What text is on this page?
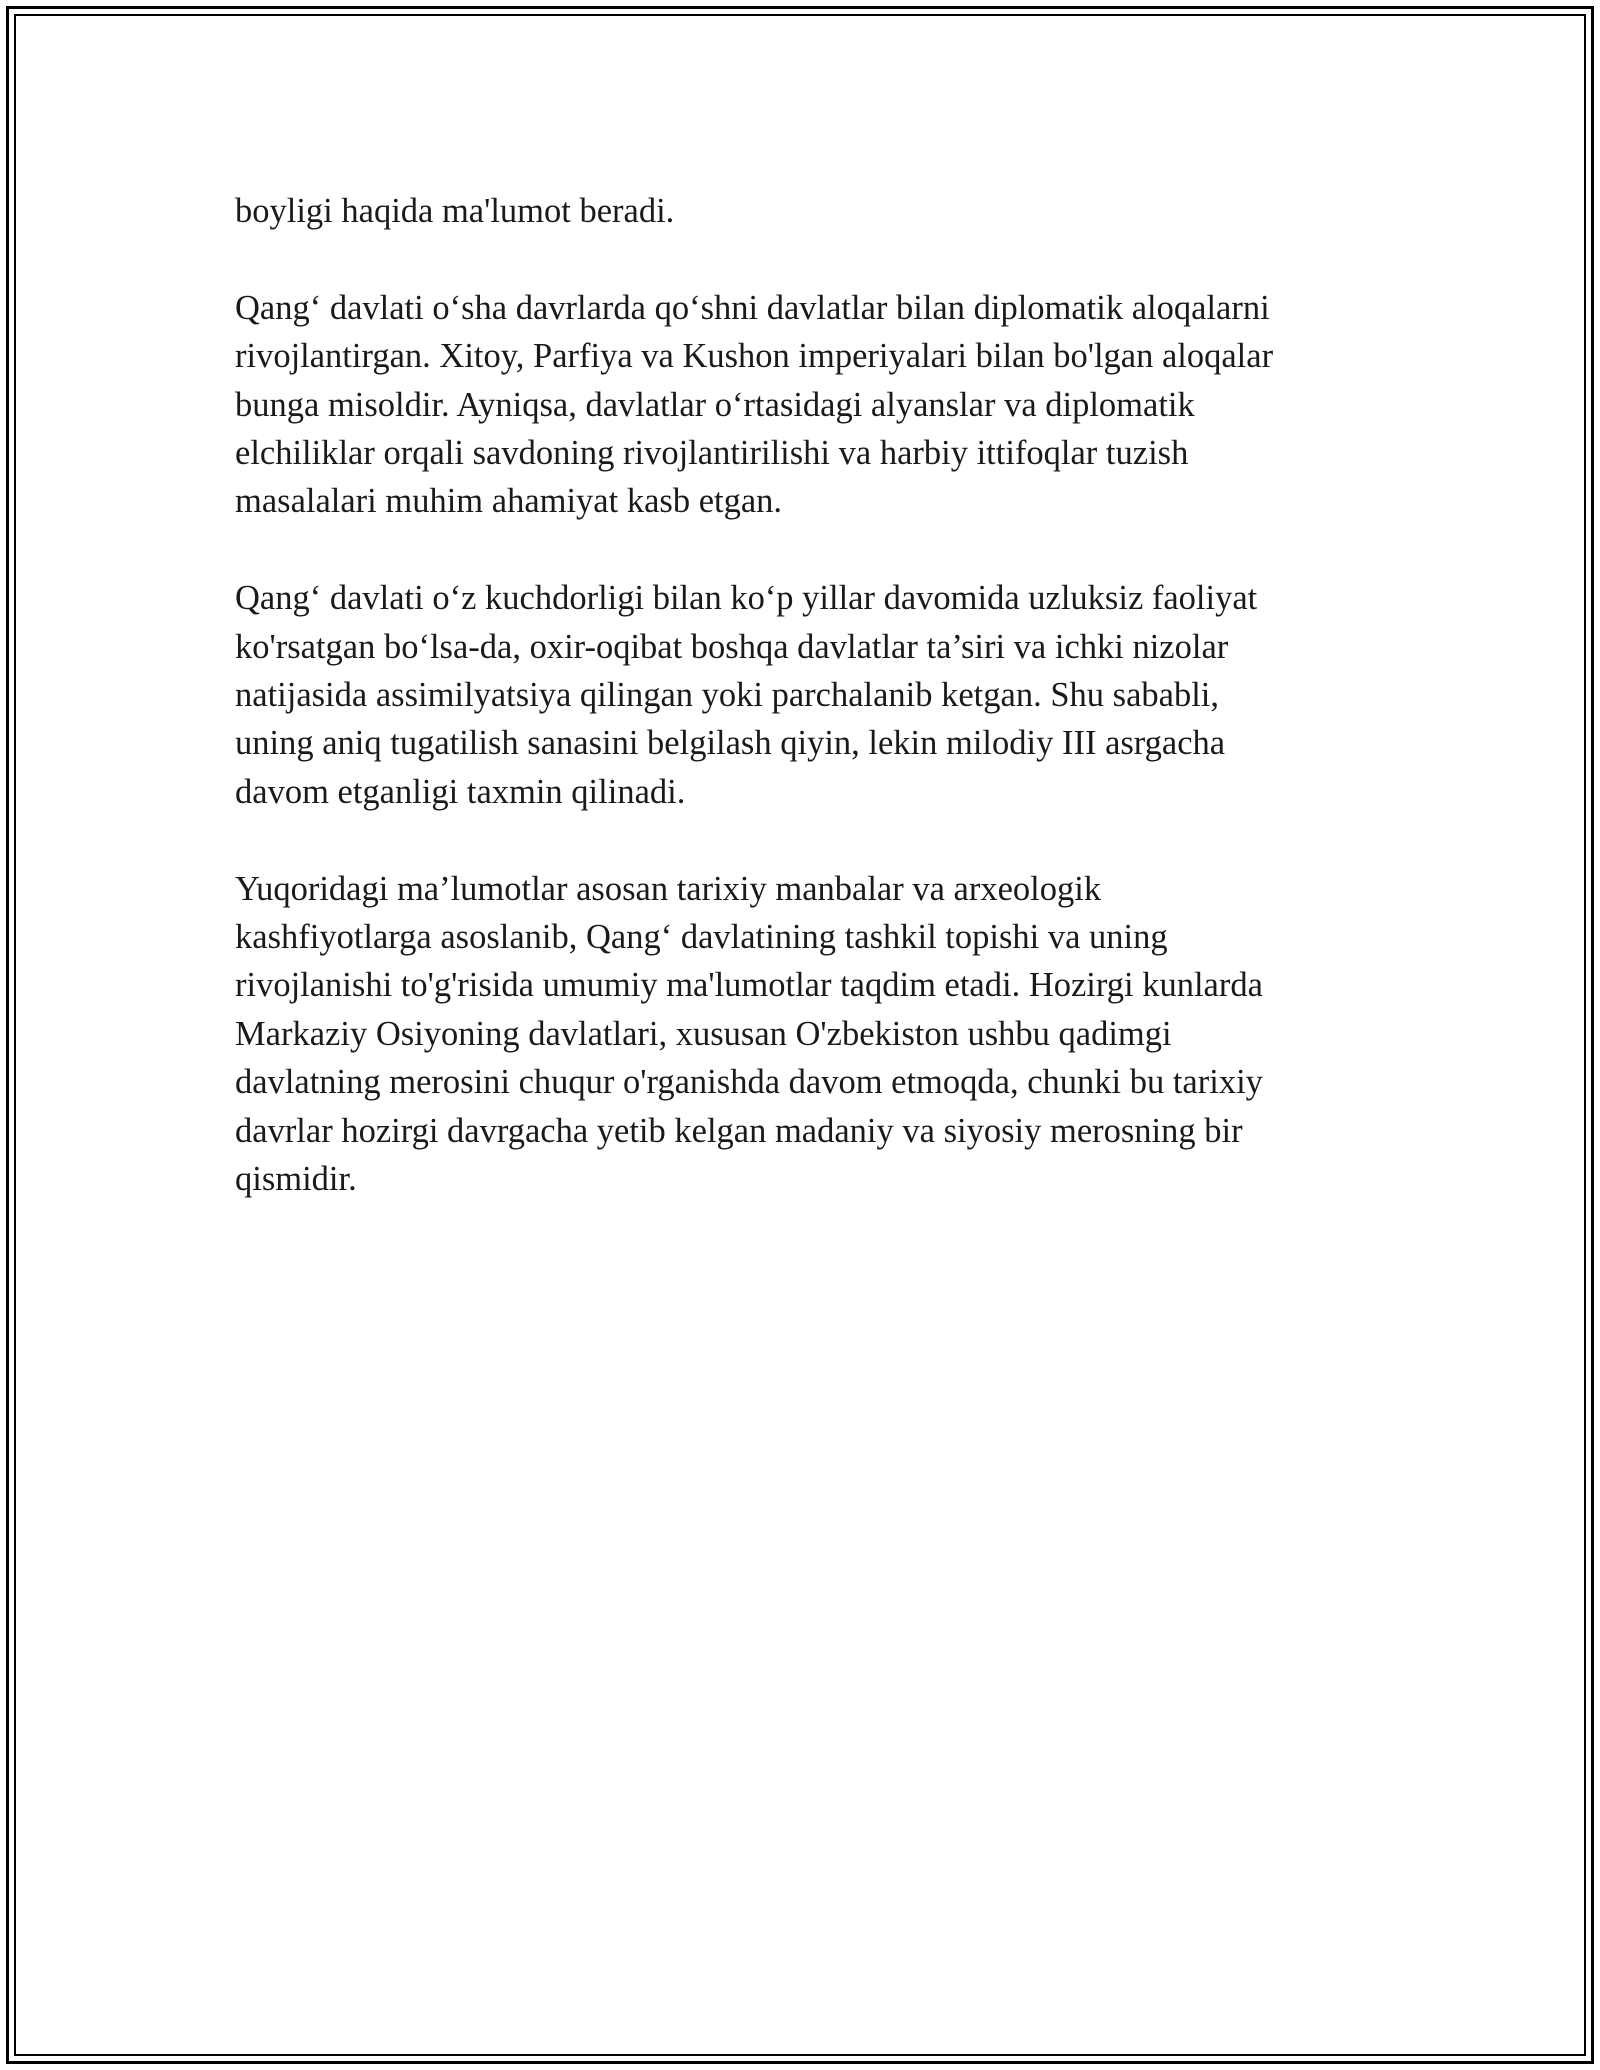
boyligi haqida ma'lumot beradi.

Qang‘ davlati o‘sha davrlarda qo‘shni davlatlar bilan diplomatik aloqalarni
rivojlantirgan. Xitoy, Parfiya va Kushon imperiyalari bilan bo'lgan aloqalar
bunga misoldir. Ayniqsa, davlatlar o‘rtasidagi alyanslar va diplomatik
elchiliklar orqali savdoning rivojlantirilishi va harbiy ittifoqlar tuzish
masalalari muhim ahamiyat kasb etgan.

Qang‘ davlati o‘z kuchdorligi bilan ko‘p yillar davomida uzluksiz faoliyat
ko'rsatgan bo‘lsa-da, oxir-oqibat boshqa davlatlar ta’siri va ichki nizolar
natijasida assimilyatsiya qilingan yoki parchalanib ketgan. Shu sababli,
uning aniq tugatilish sanasini belgilash qiyin, lekin milodiy III asrgacha
davom etganligi taxmin qilinadi.

Yuqoridagi ma’lumotlar asosan tarixiy manbalar va arxeologik
kashfiyotlarga asoslanib, Qang‘ davlatining tashkil topishi va uning
rivojlanishi to'g'risida umumiy ma'lumotlar taqdim etadi. Hozirgi kunlarda
Markaziy Osiyoning davlatlari, xususan O'zbekiston ushbu qadimgi
davlatning merosini chuqur o'rganishda davom etmoqda, chunki bu tarixiy
davrlar hozirgi davrgacha yetib kelgan madaniy va siyosiy merosning bir
qismidir.
